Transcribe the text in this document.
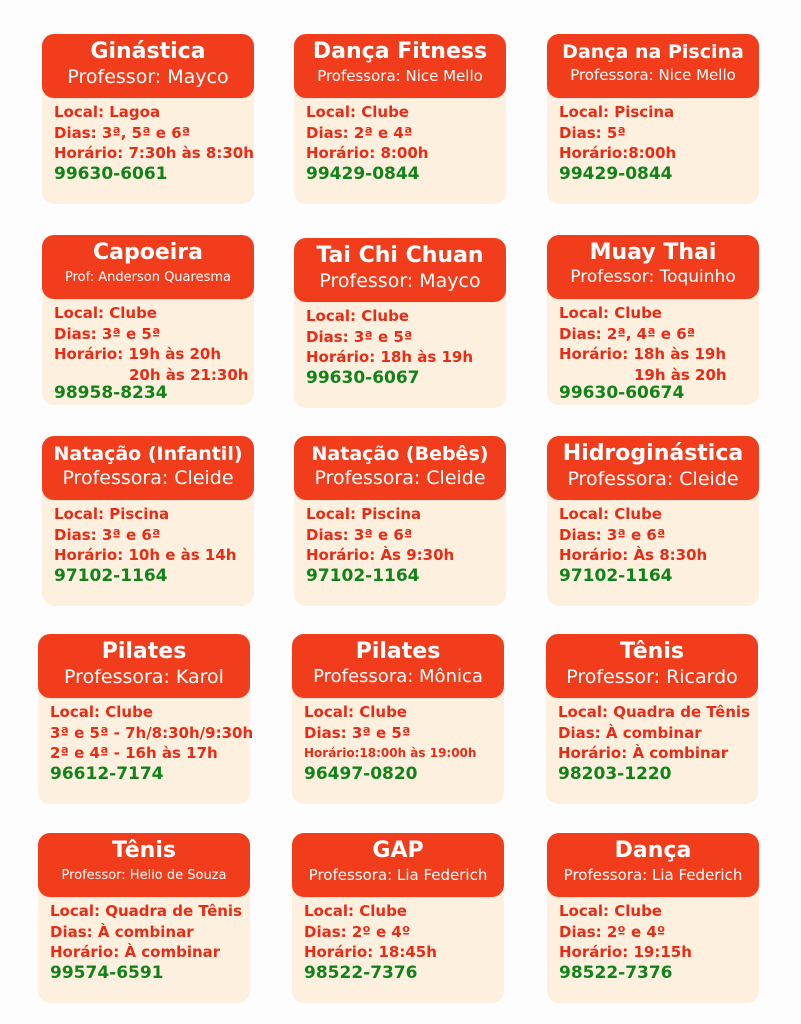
Ginástica
Professor: Mayco
Local: Lagoa
Dias: 3ª, 5ª e 6ª
Horário: 7:30h às 8:30h
99630-6061
Dança Fitness
Professora: Nice Mello
Local: Clube
Dias: 2ª e 4ª
Horário: 8:00h
99429-0844
Dança na Piscina
Professora: Nice Mello
Local: Piscina
Dias: 5ª
Horário:8:00h
99429-0844
Capoeira
Prof: Anderson Quaresma
Local: Clube
Dias: 3ª e 5ª
Horário: 19h às 20h
20h às 21:30h
98958-8234
Tai Chi Chuan
Professor: Mayco
Local: Clube
Dias: 3ª e 5ª
Horário: 18h às 19h
99630-6067
Muay Thai
Professor: Toquinho
Local: Clube
Dias: 2ª, 4ª e 6ª
Horário: 18h às 19h
19h às 20h
99630-60674
Natação (Infantil)
Professora: Cleide
Local: Piscina
Dias: 3ª e 6ª
Horário: 10h e às 14h
97102-1164
Natação (Bebês)
Professora: Cleide
Local: Piscina
Dias: 3ª e 6ª
Horário: Às 9:30h
97102-1164
Hidroginástica
Professora: Cleide
Local: Clube
Dias: 3ª e 6ª
Horário: Às 8:30h
97102-1164
Pilates
Professora: Karol
Local: Clube
3ª e 5ª - 7h/8:30h/9:30h
2ª e 4ª - 16h às 17h
96612-7174
Pilates
Professora: Mônica
Local: Clube
Dias: 3ª e 5ª
Horário:18:00h às 19:00h
96497-0820
Tênis
Professor: Ricardo
Local: Quadra de Tênis
Dias: À combinar
Horário: À combinar
98203-1220
Tênis
Professor: Helio de Souza
Local: Quadra de Tênis
Dias: À combinar
Horário: À combinar
99574-6591
GAP
Professora: Lia Federich
Local: Clube
Dias: 2º e 4º
Horário: 18:45h
98522-7376
Dança
Professora: Lia Federich
Local: Clube
Dias: 2º e 4º
Horário: 19:15h
98522-7376
